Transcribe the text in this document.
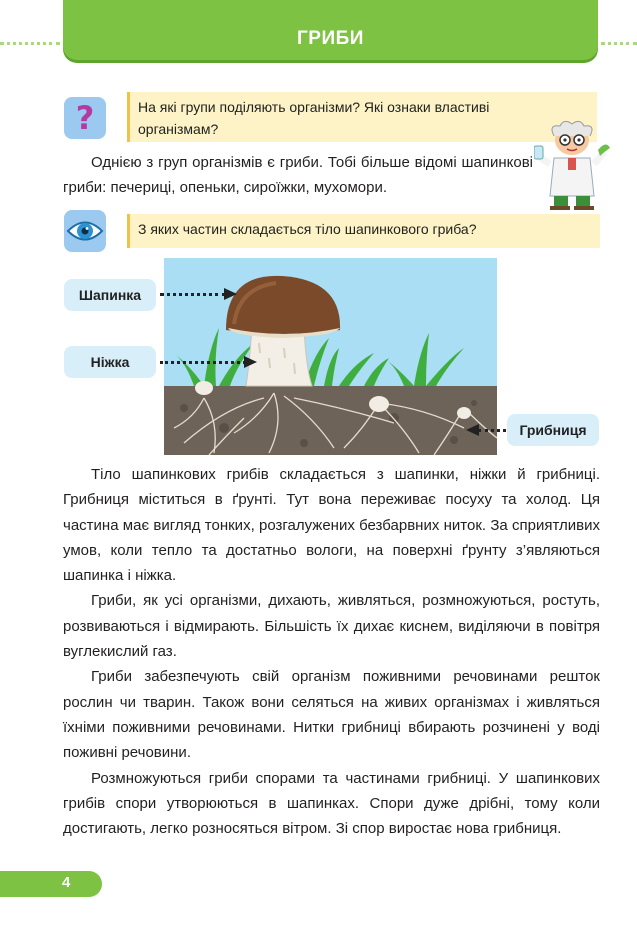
ГРИБИ
?	На які групи поділяють організми? Які ознаки властиві організмам?
Однією з груп організмів є гриби. Тобі більше відомі шапинкові гриби: печериці, опеньки, сироїжки, мухомори.
З яких частин складається тіло шапинкового гриба?
Шапинка
Ніжка
Грибниця

Тіло шапинкових грибів складається з шапинки, ніжки й грибниці. Грибниця міститься в ґрунті. Тут вона переживає посуху та холод. Ця частина має вигляд тонких, розгалужених безбарвних ниток. За сприятливих умов, коли тепло та достатньо вологи, на поверхні ґрунту з’являються шапинка і ніжка.

Гриби, як усі організми, дихають, живляться, розмножуються, ростуть, розвиваються і відмирають. Більшість їх дихає киснем, виділяючи в повітря вуглекислий газ.

Гриби забезпечують свій організм поживними речовинами решток рослин чи тварин. Також вони селяться на живих організмах і живляться їхніми поживними речовинами. Нитки грибниці вбирають розчинені у воді поживні речовини.

Розмножуються гриби спорами та частинами грибниці. У шапинкових грибів спори утворюються в шапинках. Спори дуже дрібні, тому коли достигають, легко розносяться вітром. Зі спор виростає нова грибниця.

4
